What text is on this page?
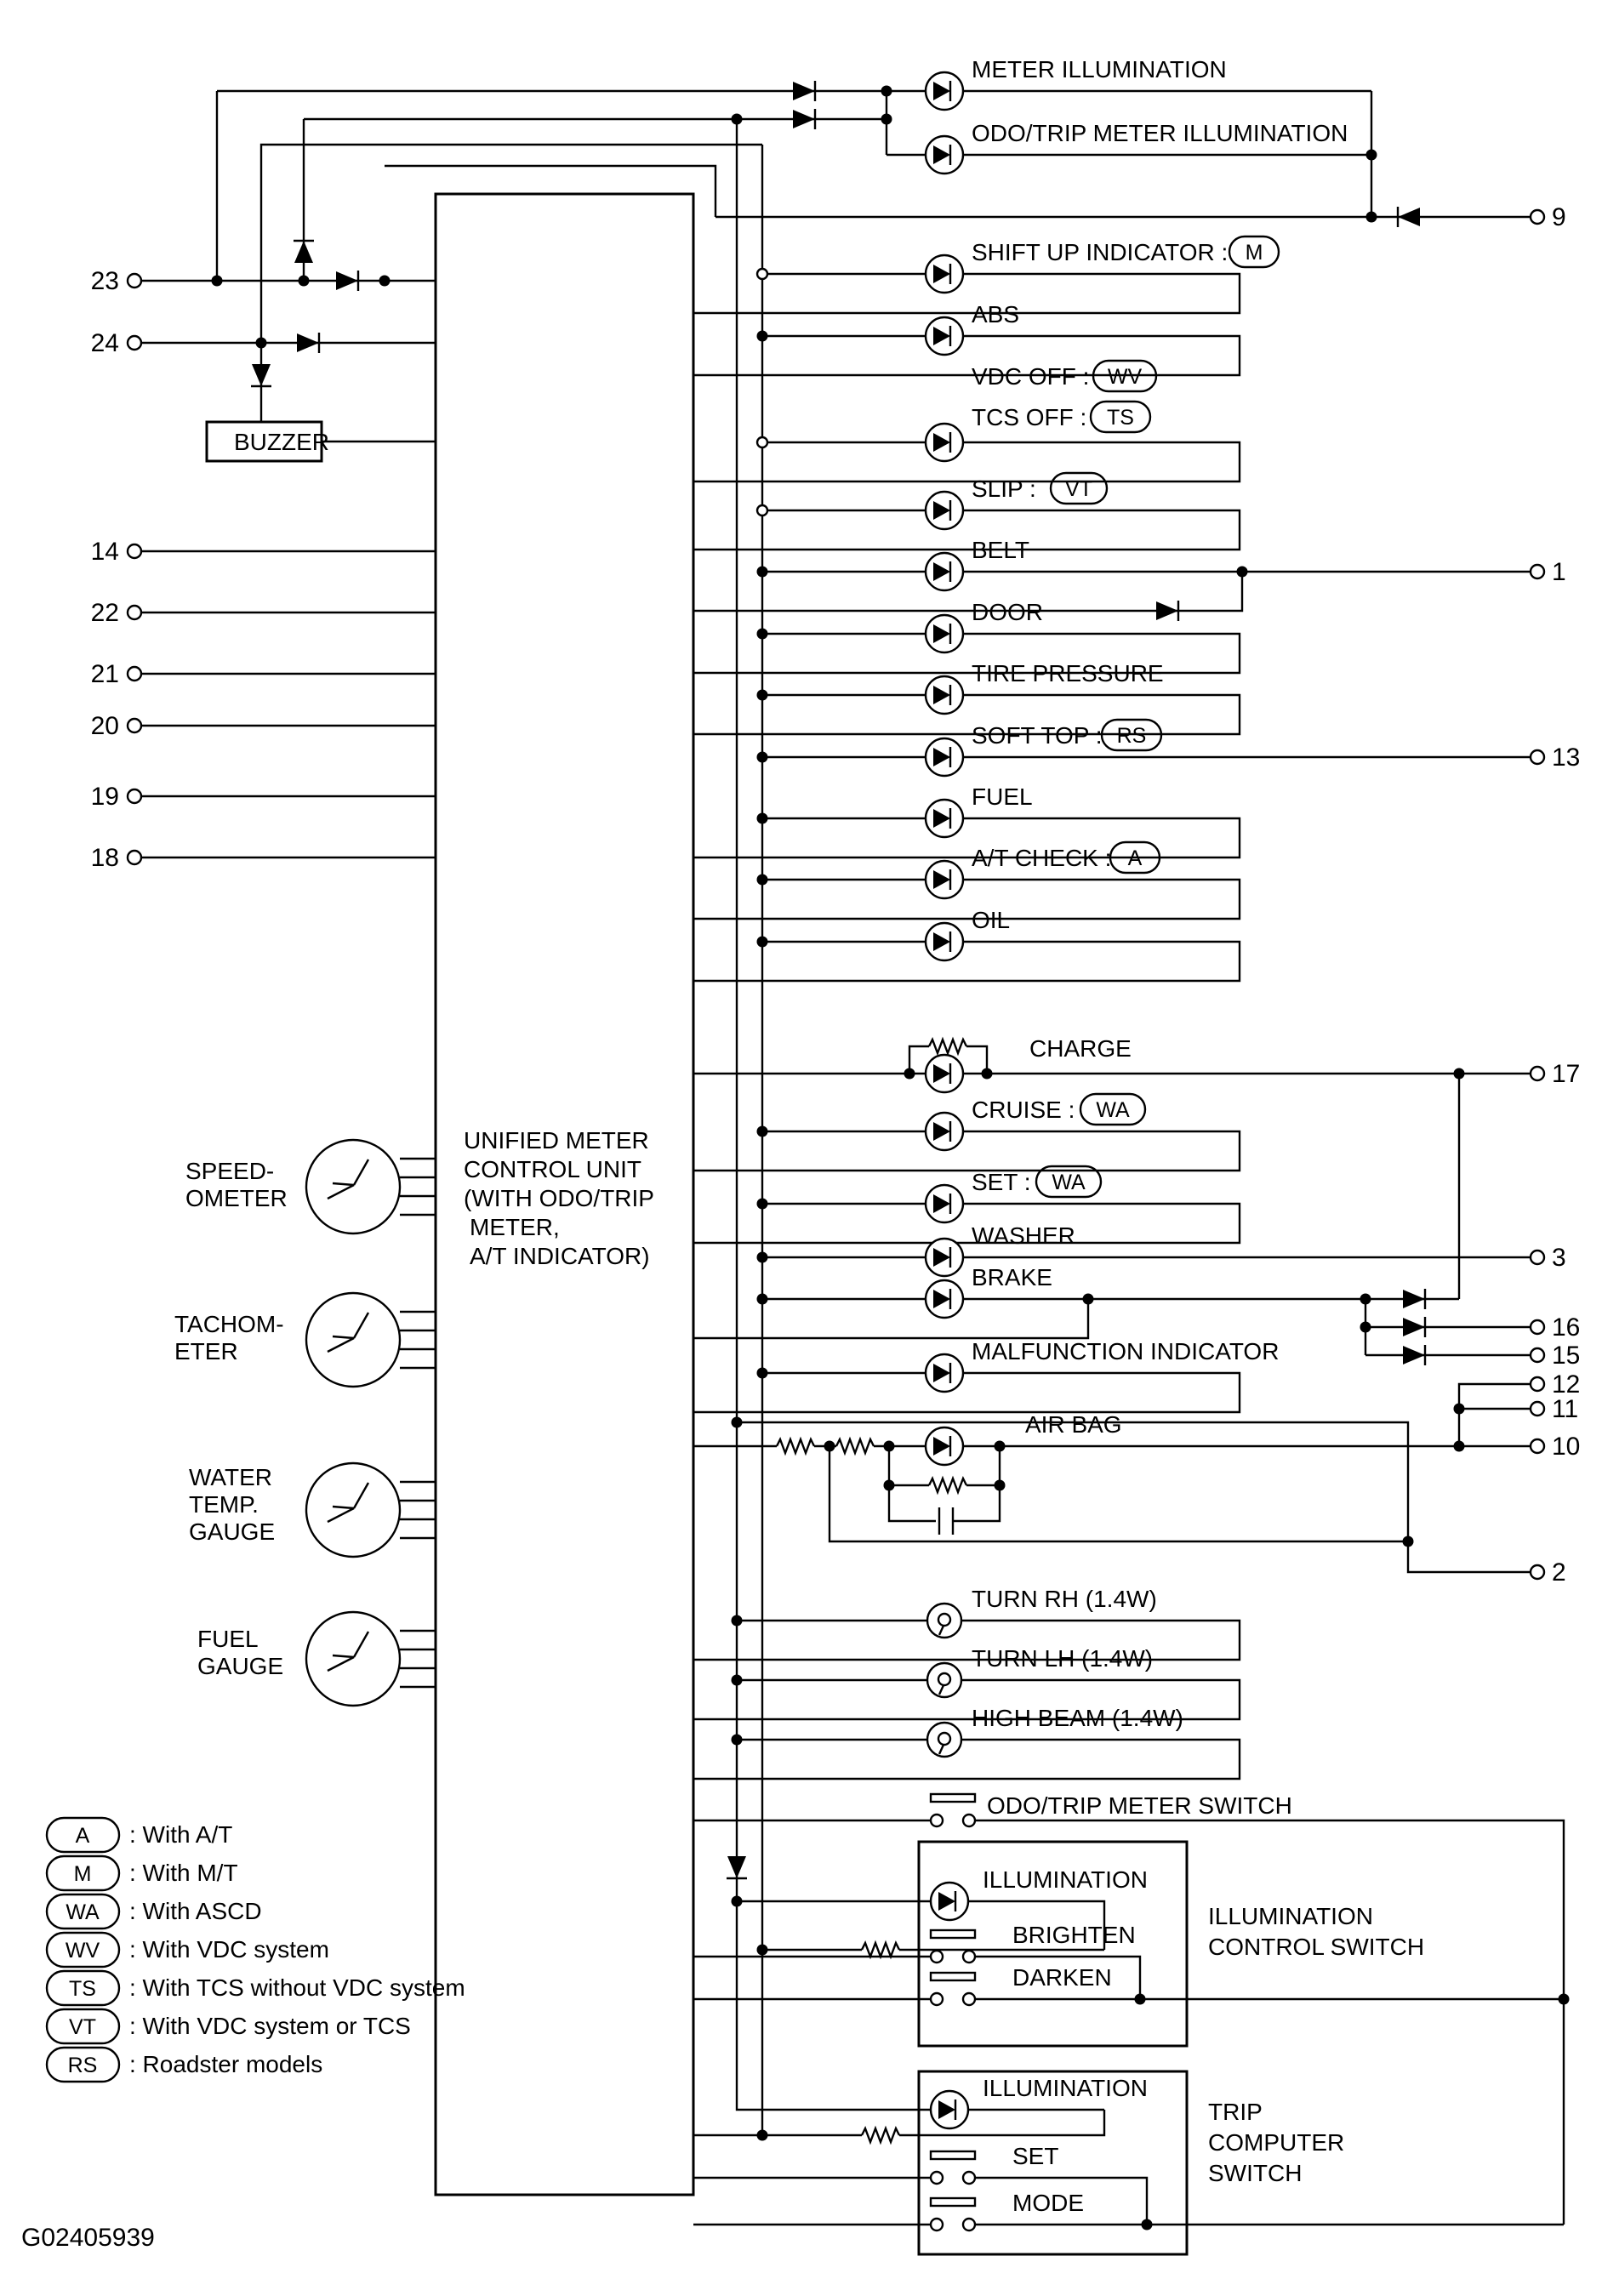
23
24
14
22
21
20
19
18
9
1
13
17
3
16
15
12
11
10
2
METER ILLUMINATION
ODO/TRIP METER ILLUMINATION
SHIFT UP INDICATOR :
ABS
VDC OFF :
TCS OFF :
SLIP :
BELT
DOOR
TIRE PRESSURE
SOFT TOP :
FUEL
A/T CHECK :
OIL
CHARGE
CRUISE :
SET :
WASHER
BRAKE
MALFUNCTION INDICATOR
AIR BAG
TURN RH (1.4W)
TURN LH (1.4W)
HIGH BEAM (1.4W)
ODO/TRIP METER SWITCH
M
WV
TS
VT
RS
A
WA
WA
BUZZER
UNIFIED METER
CONTROL UNIT
(WITH ODO/TRIP
METER,
A/T INDICATOR)
SPEED-
OMETER
TACHOM-
ETER
WATER
TEMP.
GAUGE
FUEL
GAUGE
ILLUMINATION
BRIGHTEN
DARKEN
ILLUMINATION
CONTROL SWITCH
ILLUMINATION
SET
MODE
TRIP
COMPUTER
SWITCH
A : With A/T
M : With M/T
WA : With ASCD
WV : With VDC system
TS : With TCS without VDC system
VT : With VDC system or TCS
RS : Roadster models
G02405939
